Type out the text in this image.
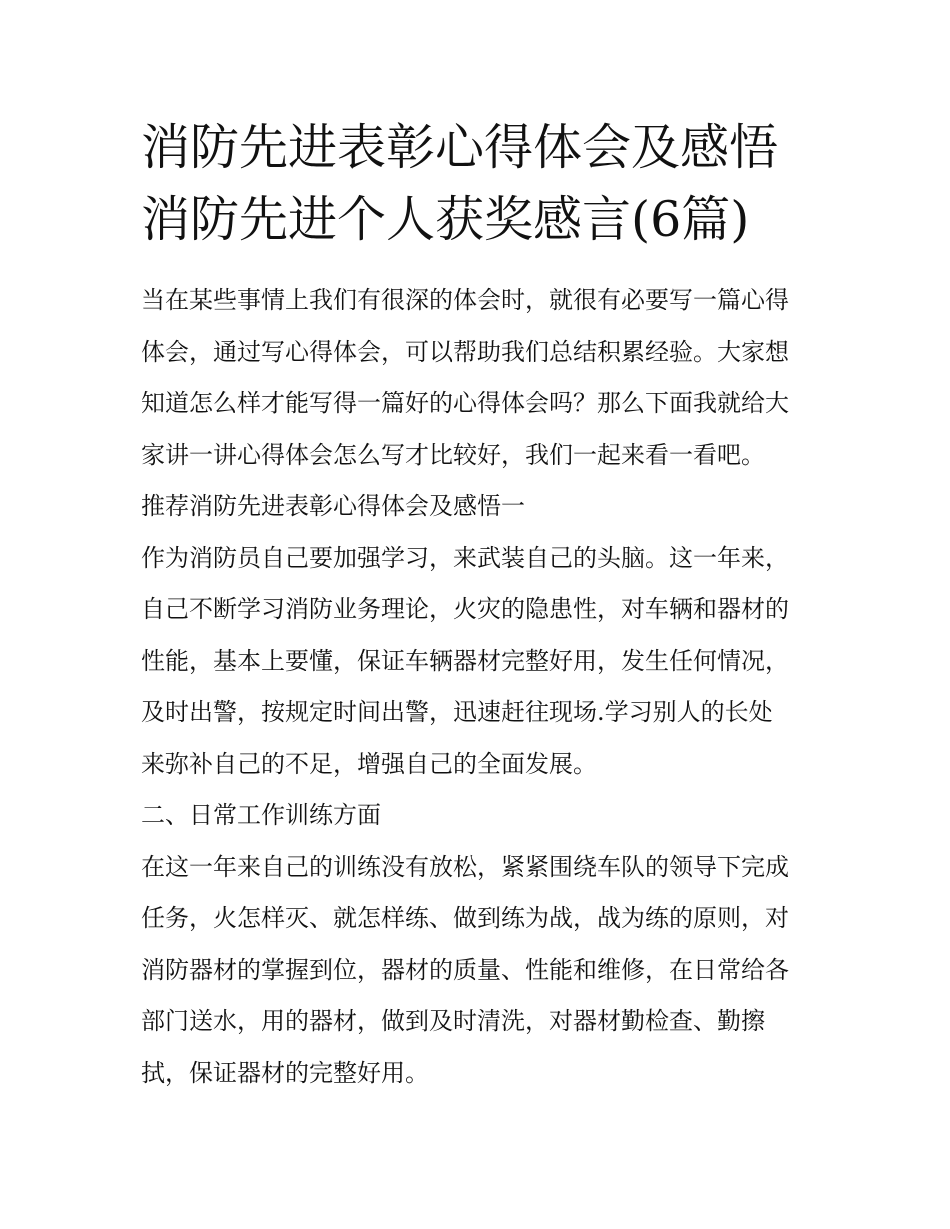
消防先进表彰心得体会及感悟
消防先进个人获奖感言(6篇)

当在某些事情上我们有很深的体会时，就很有必要写一篇心得
体会，通过写心得体会，可以帮助我们总结积累经验。大家想
知道怎么样才能写得一篇好的心得体会吗？那么下面我就给大
家讲一讲心得体会怎么写才比较好，我们一起来看一看吧。

推荐消防先进表彰心得体会及感悟一

作为消防员自己要加强学习，来武装自己的头脑。这一年来，
自己不断学习消防业务理论，火灾的隐患性，对车辆和器材的
性能，基本上要懂，保证车辆器材完整好用，发生任何情况，
及时出警，按规定时间出警，迅速赶往现场.学习别人的长处
来弥补自己的不足，增强自己的全面发展。

二、日常工作训练方面

在这一年来自己的训练没有放松，紧紧围绕车队的领导下完成
任务，火怎样灭、就怎样练、做到练为战，战为练的原则，对
消防器材的掌握到位，器材的质量、性能和维修，在日常给各
部门送水，用的器材，做到及时清洗，对器材勤检查、勤擦
拭，保证器材的完整好用。
